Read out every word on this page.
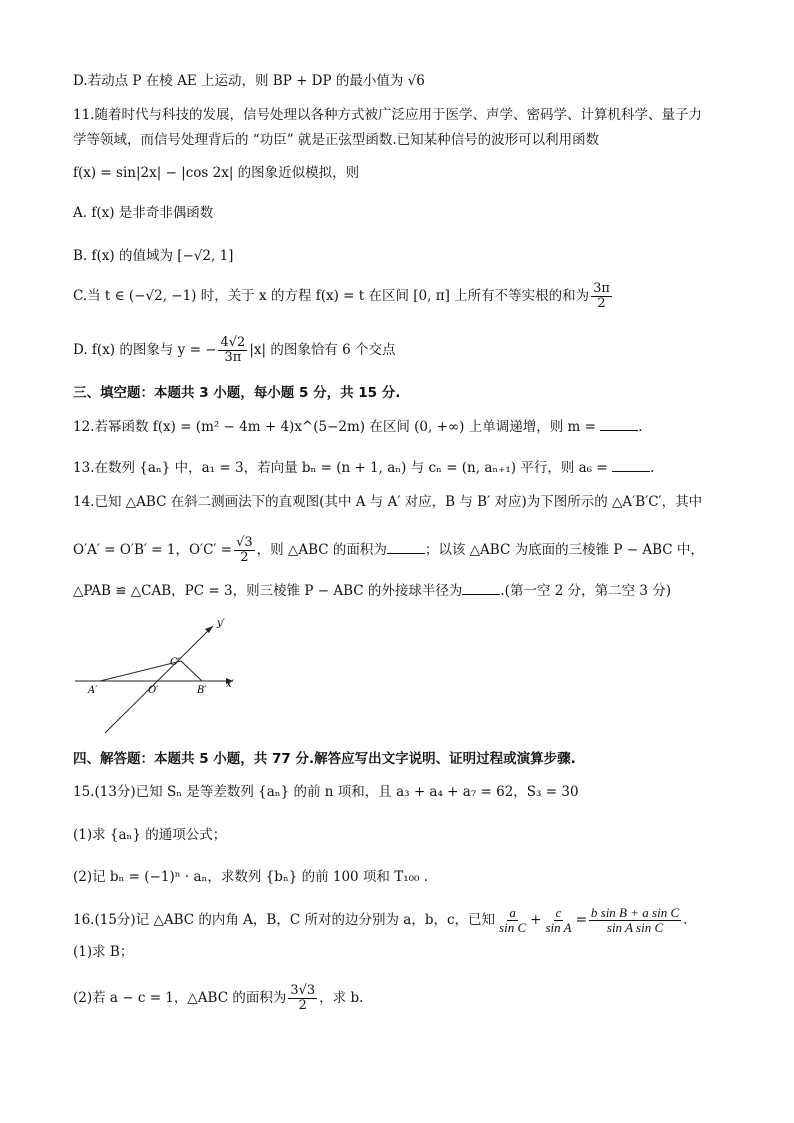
D.若动点 P 在棱 AE 上运动，则 BP + DP 的最小值为 √6
11.随着时代与科技的发展，信号处理以各种方式被广泛应用于医学、声学、密码学、计算机科学、量子力
学等领域，而信号处理背后的 “功臣” 就是正弦型函数.已知某种信号的波形可以利用函数
f(x) = sin|2x| − |cos 2x| 的图象近似模拟，则
A. f(x) 是非奇非偶函数
B. f(x) 的值域为 [−√2, 1]
C.当 t ∈ (−√2, −1) 时，关于 x 的方程 f(x) = t 在区间 [0, π] 上所有不等实根的和为 $\frac{3\pi}{2}$
D. f(x) 的图象与 y = − $\frac{4√2}{3\pi} |x|$ 的图象恰有 6 个交点
三、填空题：本题共 3 小题，每小题 5 分，共 15 分.
12.若幂函数 f(x) = (m² − 4m + 4)x^(5−2m) 在区间 (0, +∞) 上单调递增，则 m =	.
13.在数列 {aₙ} 中，a₁ = 3，若向量 bₙ = (n + 1, aₙ) 与 cₙ = (n, aₙ₊₁) 平行，则 a₆ =	.
14.已知 △ABC 在斜二测画法下的直观图(其中 A 与 A′ 对应，B 与 B′ 对应)为下图所示的 △A′B′C′，其中
O′A′ = O′B′ = 1，$O'C' = \frac{√3}{2}$ ，则 △ABC 的面积为	；以该 △ABC 为底面的三棱锥 P − ABC 中，
△PAB ≌ △CAB，PC = 3，则三棱锥 P − ABC 的外接球半径为	.(第一空 2 分，第二空 3 分)
y′
x′
A′	O′	B′
C′
四、解答题：本题共 5 小题，共 77 分.解答应写出文字说明、证明过程或演算步骤.
15.(13分)已知 Sₙ 是等差数列 {aₙ} 的前 n 项和，且 a₃ + a₄ + a₇ = 62，S₃ = 30
(1)求 {aₙ} 的通项公式；
(2)记 bₙ = (−1)ⁿ · aₙ，求数列 {bₙ} 的前 100 项和 T₁₀₀ .
16.(15分)记 △ABC 的内角 A，B，C 所对的边分别为 a，b，c，已知 $\frac{a}{\text{sin C}} + \frac{c}{\text{sin A}} = \frac{\text{b sin B + a sin C}}{\text{sin A sin C}}$ .
(1)求 B；
(2)若 a − c = 1，△ABC 的面积为 $\frac{3√3}{2}$ ，求 b.
